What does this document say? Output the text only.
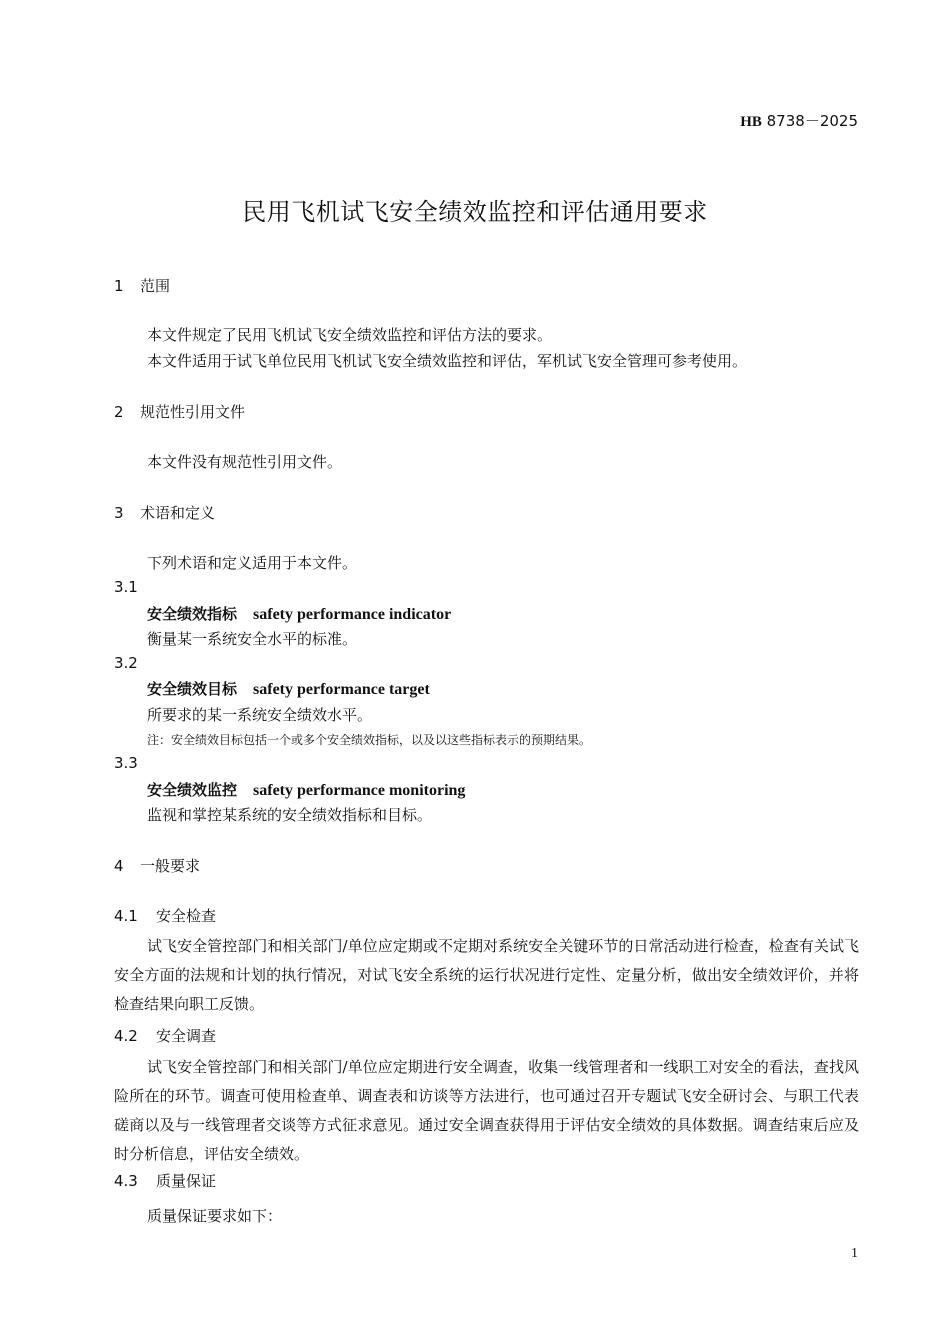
HB 8738－2025
民用飞机试飞安全绩效监控和评估通用要求
1 范围
本文件规定了民用飞机试飞安全绩效监控和评估方法的要求。
本文件适用于试飞单位民用飞机试飞安全绩效监控和评估，军机试飞安全管理可参考使用。
2 规范性引用文件
本文件没有规范性引用文件。
3 术语和定义
下列术语和定义适用于本文件。
3.1
安全绩效指标 safety performance indicator
衡量某一系统安全水平的标准。
3.2
安全绩效目标 safety performance target
所要求的某一系统安全绩效水平。
注：安全绩效目标包括一个或多个安全绩效指标，以及以这些指标表示的预期结果。
3.3
安全绩效监控 safety performance monitoring
监视和掌控某系统的安全绩效指标和目标。
4 一般要求
4.1 安全检查
试飞安全管控部门和相关部门/单位应定期或不定期对系统安全关键环节的日常活动进行检查，检查有关试飞安全方面的法规和计划的执行情况，对试飞安全系统的运行状况进行定性、定量分析，做出安全绩效评价，并将检查结果向职工反馈。
4.2 安全调查
试飞安全管控部门和相关部门/单位应定期进行安全调查，收集一线管理者和一线职工对安全的看法，查找风险所在的环节。调查可使用检查单、调查表和访谈等方法进行，也可通过召开专题试飞安全研讨会、与职工代表磋商以及与一线管理者交谈等方式征求意见。通过安全调查获得用于评估安全绩效的具体数据。调查结束后应及时分析信息，评估安全绩效。
4.3 质量保证
质量保证要求如下：
1
